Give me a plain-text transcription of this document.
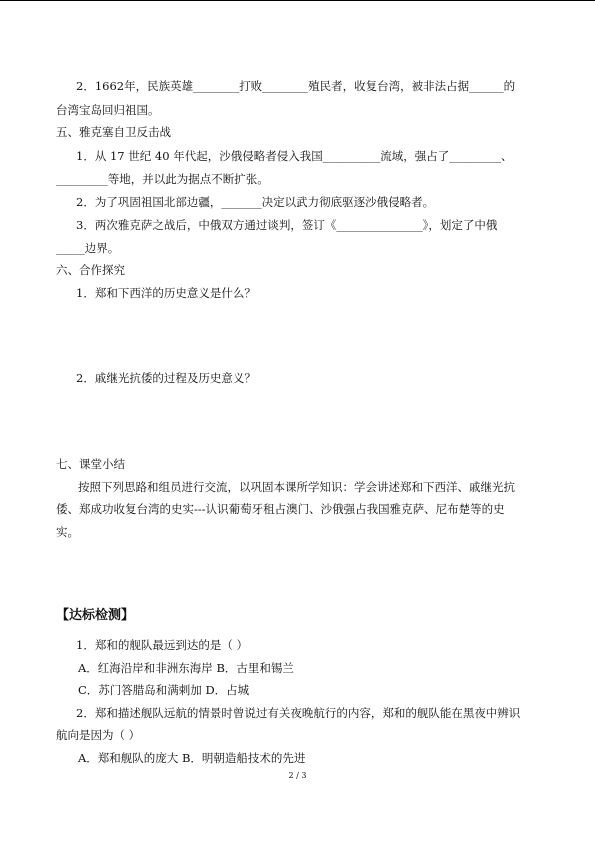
2．1662年，民族英雄________打败________殖民者，收复台湾，被非法占据______的
台湾宝岛回归祖国。
五、雅克塞自卫反击战
1．从 17 世纪 40 年代起，沙俄侵略者侵入我国__________流域，强占了_________、
_________等地，并以此为据点不断扩张。
2．为了巩固祖国北部边疆，_______决定以武力彻底驱逐沙俄侵略者。
3．两次雅克萨之战后，中俄双方通过谈判，签订《_______________》，划定了中俄
_____边界。
六、合作探究
1．郑和下西洋的历史意义是什么？
2．戚继光抗倭的过程及历史意义？
七、课堂小结
按照下列思路和组员进行交流，以巩固本课所学知识：学会讲述郑和下西洋、戚继光抗
倭、郑成功收复台湾的史实---认识葡萄牙租占澳门、沙俄强占我国雅克萨、尼布楚等的史
实。
【达标检测】
1．郑和的舰队最远到达的是（ ）
A．红海沿岸和非洲东海岸 B．古里和锡兰
C．苏门答腊岛和满剌加 D．占城
2．郑和描述舰队远航的情景时曾说过有关夜晚航行的内容，郑和的舰队能在黑夜中辨识
航向是因为（ ）
A．郑和舰队的庞大 B．明朝造船技术的先进
2 / 3
